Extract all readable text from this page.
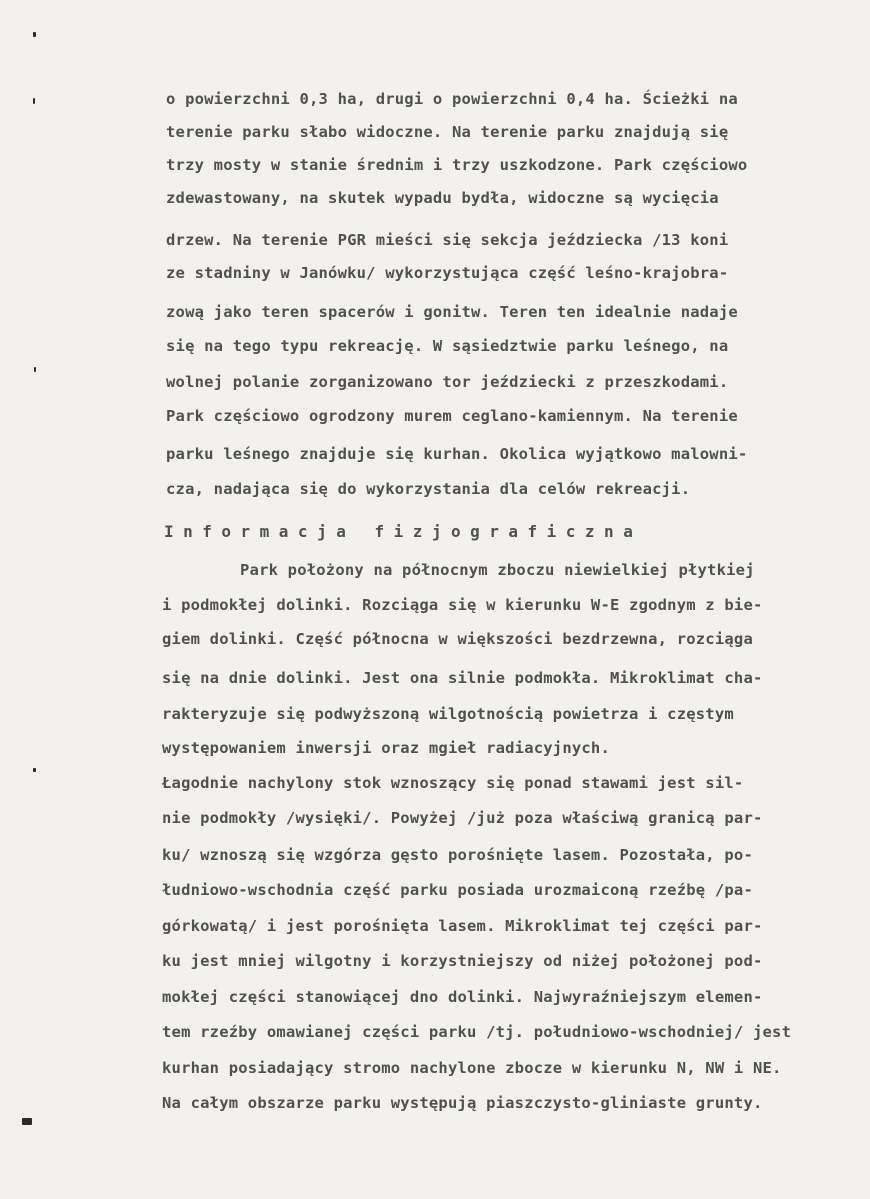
o powierzchni 0,3 ha, drugi o powierzchni 0,4 ha. Ścieżki na
terenie parku słabo widoczne. Na terenie parku znajdują się
trzy mosty w stanie średnim i trzy uszkodzone. Park częściowo
zdewastowany, na skutek wypadu bydła, widoczne są wycięcia
drzew. Na terenie PGR mieści się sekcja jeździecka /13 koni
ze stadniny w Janówku/ wykorzystująca część leśno-krajobra-
zową jako teren spacerów i gonitw. Teren ten idealnie nadaje
się na tego typu rekreację. W sąsiedztwie parku leśnego, na
wolnej polanie zorganizowano tor jeździecki z przeszkodami.
Park częściowo ogrodzony murem ceglano-kamiennym. Na terenie
parku leśnego znajduje się kurhan. Okolica wyjątkowo malowni-
cza, nadająca się do wykorzystania dla celów rekreacji.
Informacja fizjograficzna
Park położony na północnym zboczu niewielkiej płytkiej
i podmokłej dolinki. Rozciąga się w kierunku W-E zgodnym z bie-
giem dolinki. Część północna w większości bezdrzewna, rozciąga
się na dnie dolinki. Jest ona silnie podmokła. Mikroklimat cha-
rakteryzuje się podwyższoną wilgotnością powietrza i częstym
występowaniem inwersji oraz mgieł radiacyjnych.
Łagodnie nachylony stok wznoszący się ponad stawami jest sil-
nie podmokły /wysięki/. Powyżej /już poza właściwą granicą par-
ku/ wznoszą się wzgórza gęsto porośnięte lasem. Pozostała, po-
łudniowo-wschodnia część parku posiada urozmaiconą rzeźbę /pa-
górkowatą/ i jest porośnięta lasem. Mikroklimat tej części par-
ku jest mniej wilgotny i korzystniejszy od niżej położonej pod-
mokłej części stanowiącej dno dolinki. Najwyraźniejszym elemen-
tem rzeźby omawianej części parku /tj. południowo-wschodniej/ jest
kurhan posiadający stromo nachylone zbocze w kierunku N, NW i NE.
Na całym obszarze parku występują piaszczysto-gliniaste grunty.
